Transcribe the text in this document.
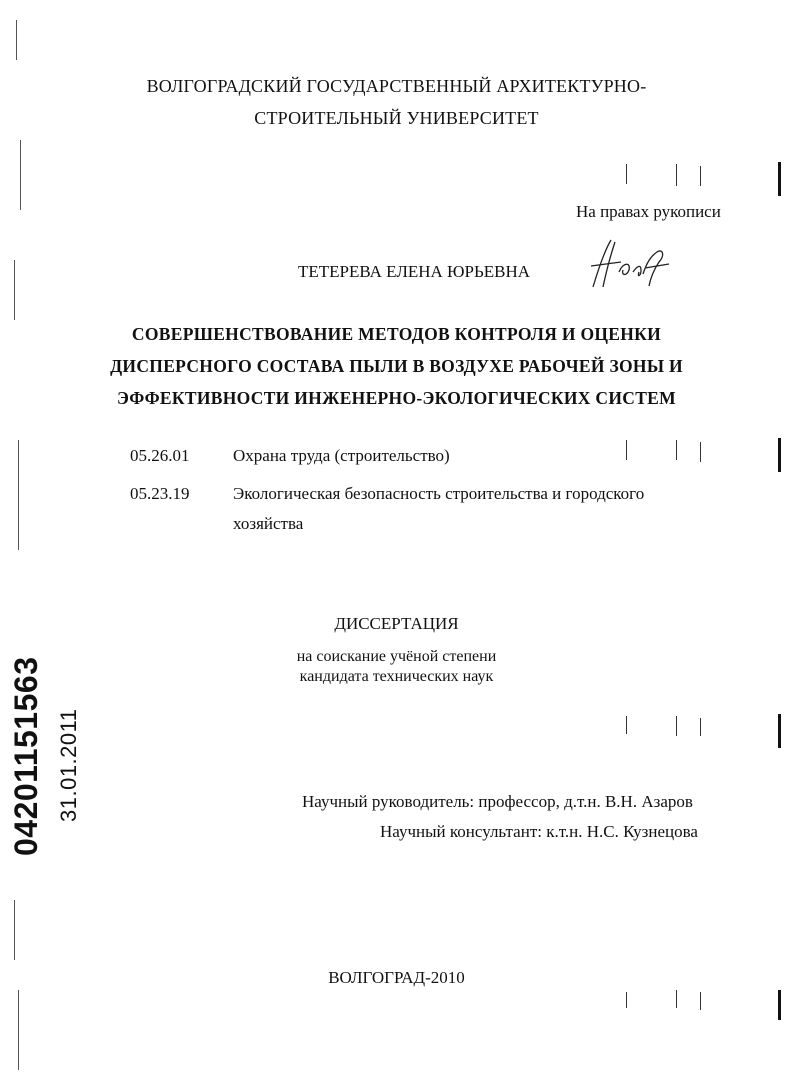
ВОЛГОГРАДСКИЙ ГОСУДАРСТВЕННЫЙ АРХИТЕКТУРНО-
СТРОИТЕЛЬНЫЙ УНИВЕРСИТЕТ
На правах рукописи
ТЕТЕРЕВА ЕЛЕНА ЮРЬЕВНА
СОВЕРШЕНСТВОВАНИЕ МЕТОДОВ КОНТРОЛЯ И ОЦЕНКИ
ДИСПЕРСНОГО СОСТАВА ПЫЛИ В ВОЗДУХЕ РАБОЧЕЙ ЗОНЫ И
ЭФФЕКТИВНОСТИ ИНЖЕНЕРНО-ЭКОЛОГИЧЕСКИХ СИСТЕМ
05.26.01	Охрана труда (строительство)
05.23.19	Экологическая безопасность строительства и городского
хозяйства
ДИССЕРТАЦИЯ
на соискание учёной степени
кандидата технических наук
04201151563 31.01.2011	Научный руководитель: профессор, д.т.н. В.Н. Азаров
Научный консультант: к.т.н. Н.С. Кузнецова
ВОЛГОГРАД-2010
